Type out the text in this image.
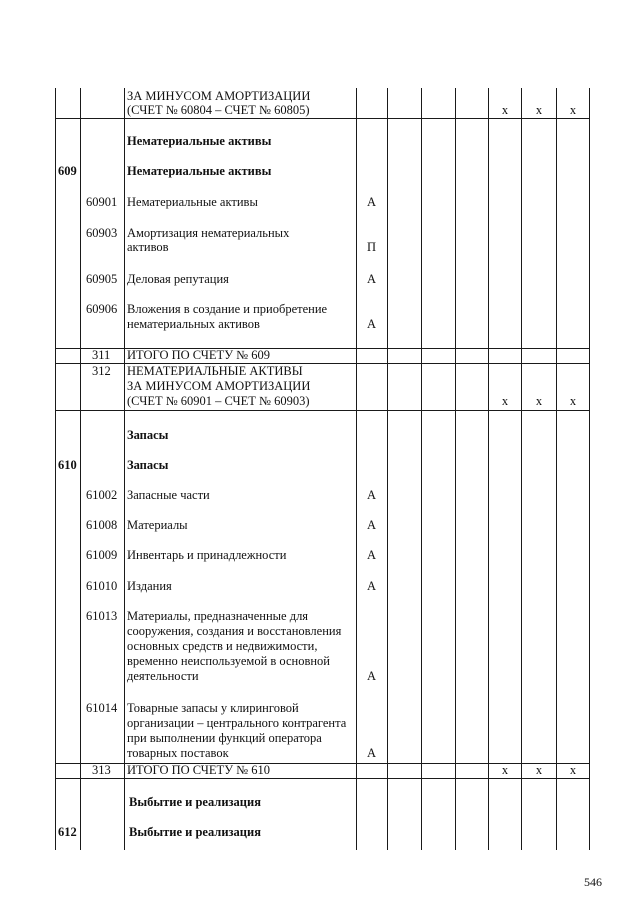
ЗА МИНУСОМ АМОРТИЗАЦИИ
(СЧЕТ № 60804 – СЧЕТ № 60805)	х	х	х
Нематериальные активы
609	Нематериальные активы
60901 Нематериальные активы	А
60903 Амортизация нематериальных
активов	П
60905 Деловая репутация	А
60906 Вложения в создание и приобретение
нематериальных активов	А
311 ИТОГО ПО СЧЕТУ № 609
312 НЕМАТЕРИАЛЬНЫЕ АКТИВЫ
ЗА МИНУСОМ АМОРТИЗАЦИИ
(СЧЕТ № 60901 – СЧЕТ № 60903)	х	х	х
Запасы
610	Запасы
61002 Запасные части	А
61008 Материалы	А
61009 Инвентарь и принадлежности	А
61010 Издания	А
61013 Материалы, предназначенные для
сооружения, создания и восстановления
основных средств и недвижимости,
временно неиспользуемой в основной
деятельности	А
61014 Товарные запасы у клиринговой
организации – центрального контрагента
при выполнении функций оператора
товарных поставок	А
313 ИТОГО ПО СЧЕТУ № 610	х	х	х
Выбытие и реализация
612	Выбытие и реализация
546
